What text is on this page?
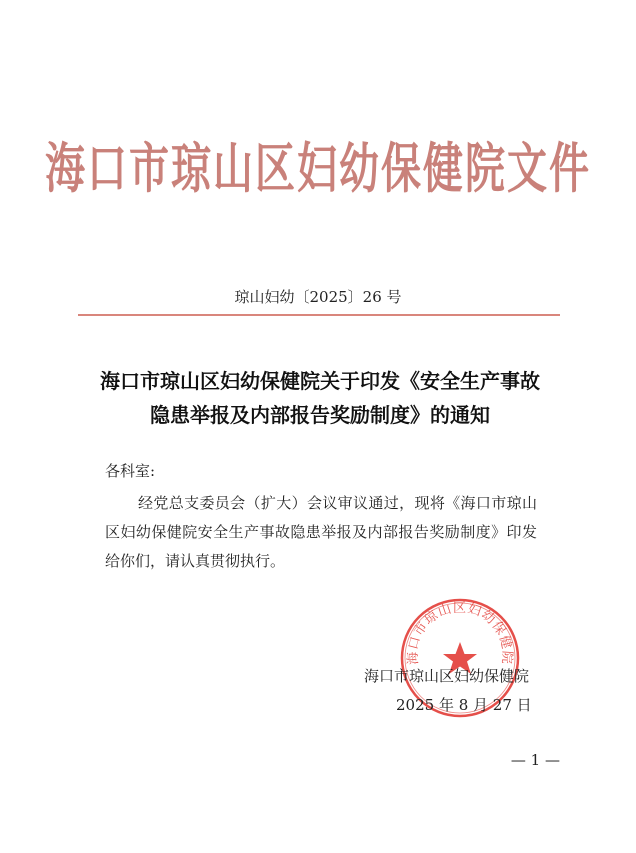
海口市琼山区妇幼保健院文件
琼山妇幼〔2025〕26 号
海口市琼山区妇幼保健院关于印发《安全生产事故
隐患举报及内部报告奖励制度》的通知
各科室:
经党总支委员会（扩大）会议审议通过，现将《海口市琼山区妇幼保健院安全生产事故隐患举报及内部报告奖励制度》印发给你们，请认真贯彻执行。
海口市琼山区妇幼保健院
海口市琼山区妇幼保健院
2025 年 8 月 27 日
— 1 —
